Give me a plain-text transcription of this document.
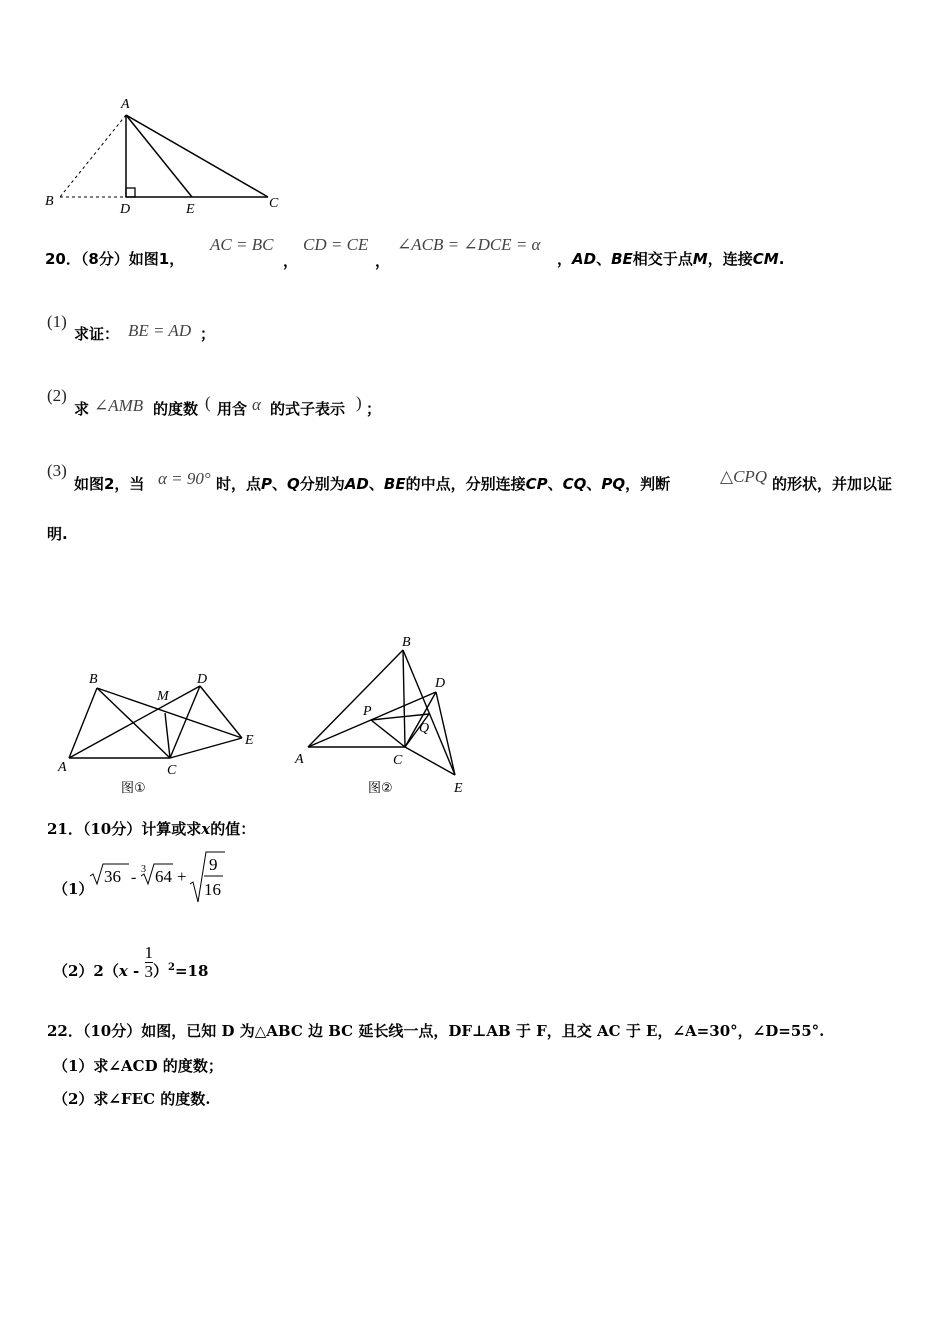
A
B
D	E	C
20．（8分）如图1，
AC = BC
，
CD = CE
，
∠ACB = ∠DCE = α
，AD、BE相交于点M，连接CM.
(1)
求证： BE = AD ；
(2)
求 ∠AMB 的度数 ( 用含 α 的式子表示 ) ；
(3)
如图2，当 α = 90° 时，点P、Q分别为AD、BE的中点，分别连接CP、CQ、PQ，判断	△CPQ 的形状，并加以证
明.
B
M
D
E
A	C
图①
B
D
P
Q
A	C
E
图②
21．（10分）计算或求x的值：
（1）
36 - 3 64 +
9
16
$(2)2(x - \frac{1}{3} )^2=18$
22．（10分）如图，已知 D 为△ABC 边 BC 延长线一点，DF⊥AB 于 F，且交 AC 于 E，∠A=30°，∠D=55°.
（1）求∠ACD 的度数；
（2）求∠FEC 的度数.
